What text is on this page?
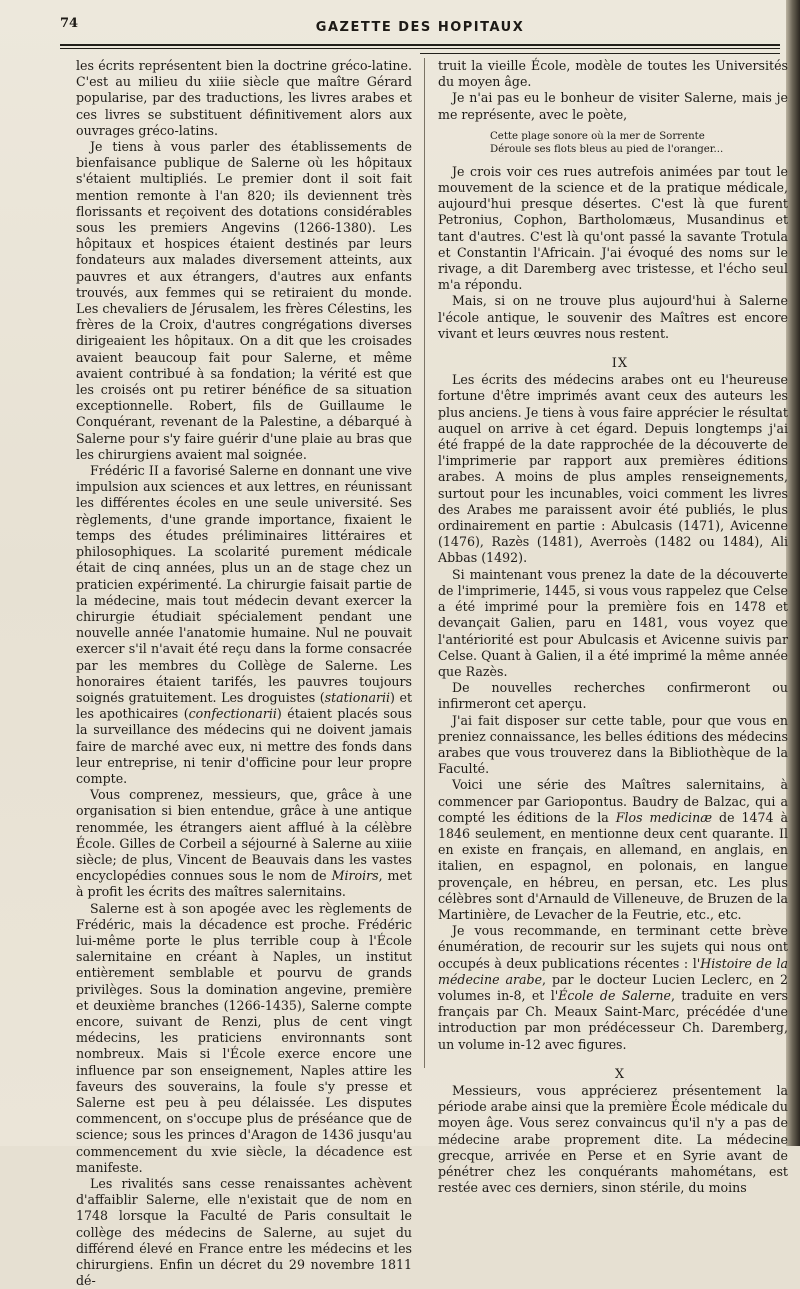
74	GAZETTE DES HOPITAUX

les écrits représentent bien la doctrine gréco-latine. C'est au milieu du xiiie siècle que maître Gérard popularise, par des traductions, les livres arabes et ces livres se substituent définitivement alors aux ouvrages gréco-latins.

Je tiens à vous parler des établissements de bienfaisance publique de Salerne où les hôpitaux s'étaient multipliés. Le premier dont il soit fait mention remonte à l'an 820; ils deviennent très florissants et reçoivent des dotations considérables sous les premiers Angevins (1266-1380). Les hôpitaux et hospices étaient destinés par leurs fondateurs aux malades diversement atteints, aux pauvres et aux étrangers, d'autres aux enfants trouvés, aux femmes qui se retiraient du monde. Les chevaliers de Jérusalem, les frères Célestins, les frères de la Croix, d'autres congrégations diverses dirigeaient les hôpitaux. On a dit que les croisades avaient beaucoup fait pour Salerne, et même avaient contribué à sa fondation; la vérité est que les croisés ont pu retirer bénéfice de sa situation exceptionnelle. Robert, fils de Guillaume le Conquérant, revenant de la Palestine, a débarqué à Salerne pour s'y faire guérir d'une plaie au bras que les chirurgiens avaient mal soignée.

Frédéric II a favorisé Salerne en donnant une vive impulsion aux sciences et aux lettres, en réunissant les différentes écoles en une seule université. Ses règlements, d'une grande importance, fixaient le temps des études préliminaires littéraires et philosophiques. La scolarité purement médicale était de cinq années, plus un an de stage chez un praticien expérimenté. La chirurgie faisait partie de la médecine, mais tout médecin devant exercer la chirurgie étudiait spécialement pendant une nouvelle année l'anatomie humaine. Nul ne pouvait exercer s'il n'avait été reçu dans la forme consacrée par les membres du Collège de Salerne. Les honoraires étaient tarifés, les pauvres toujours soignés gratuitement. Les droguistes (stationarii) et les apothicaires (confectionarii) étaient placés sous la surveillance des médecins qui ne doivent jamais faire de marché avec eux, ni mettre des fonds dans leur entreprise, ni tenir d'officine pour leur propre compte.

Vous comprenez, messieurs, que, grâce à une organisation si bien entendue, grâce à une antique renommée, les étrangers aient afflué à la célèbre École. Gilles de Corbeil a séjourné à Salerne au xiiie siècle; de plus, Vincent de Beauvais dans les vastes encyclopédies connues sous le nom de Miroirs, met à profit les écrits des maîtres salernitains.

Salerne est à son apogée avec les règlements de Frédéric, mais la décadence est proche. Frédéric lui-même porte le plus terrible coup à l'École salernitaine en créant à Naples, un institut entièrement semblable et pourvu de grands privilèges. Sous la domination angevine, première et deuxième branches (1266-1435), Salerne compte encore, suivant de Renzi, plus de cent vingt médecins, les praticiens environnants sont nombreux. Mais si l'École exerce encore une influence par son enseignement, Naples attire les faveurs des souverains, la foule s'y presse et Salerne est peu à peu délaissée. Les disputes commencent, on s'occupe plus de préséance que de science; sous les princes d'Aragon de 1436 jusqu'au commencement du xvie siècle, la décadence est manifeste.

Les rivalités sans cesse renaissantes achèvent d'affaiblir Salerne, elle n'existait que de nom en 1748 lorsque la Faculté de Paris consultait le collège des médecins de Salerne, au sujet du différend élevé en France entre les médecins et les chirurgiens. Enfin un décret du 29 novembre 1811 dé-

truit la vieille École, modèle de toutes les Universités du moyen âge.

Je n'ai pas eu le bonheur de visiter Salerne, mais je me représente, avec le poète,

Cette plage sonore où la mer de Sorrente
Déroule ses flots bleus au pied de l'oranger...

Je crois voir ces rues autrefois animées par tout le mouvement de la science et de la pratique médicale, aujourd'hui presque désertes. C'est là que furent Petronius, Cophon, Bartholomæus, Musandinus et tant d'autres. C'est là qu'ont passé la savante Trotula et Constantin l'Africain. J'ai évoqué des noms sur le rivage, a dit Daremberg avec tristesse, et l'écho seul m'a répondu.

Mais, si on ne trouve plus aujourd'hui à Salerne l'école antique, le souvenir des Maîtres est encore vivant et leurs œuvres nous restent.

IX

Les écrits des médecins arabes ont eu l'heureuse fortune d'être imprimés avant ceux des auteurs les plus anciens. Je tiens à vous faire apprécier le résultat auquel on arrive à cet égard. Depuis longtemps j'ai été frappé de la date rapprochée de la découverte de l'imprimerie par rapport aux premières éditions arabes. A moins de plus amples renseignements, surtout pour les incunables, voici comment les livres des Arabes me paraissent avoir été publiés, le plus ordinairement en partie : Abulcasis (1471), Avicenne (1476), Razès (1481), Averroès (1482 ou 1484), Ali Abbas (1492).

Si maintenant vous prenez la date de la découverte de l'imprimerie, 1445, si vous vous rappelez que Celse a été imprimé pour la première fois en 1478 et devançait Galien, paru en 1481, vous voyez que l'antériorité est pour Abulcasis et Avicenne suivis par Celse. Quant à Galien, il a été imprimé la même année que Razès.

De nouvelles recherches confirmeront ou infirmeront cet aperçu.

J'ai fait disposer sur cette table, pour que vous en preniez connaissance, les belles éditions des médecins arabes que vous trouverez dans la Bibliothèque de la Faculté.

Voici une série des Maîtres salernitains, à commencer par Gariopontus. Baudry de Balzac, qui a compté les éditions de la Flos medicinæ de 1474 à 1846 seulement, en mentionne deux cent quarante. Il en existe en français, en allemand, en anglais, en italien, en espagnol, en polonais, en langue provençale, en hébreu, en persan, etc. Les plus célèbres sont d'Arnauld de Villeneuve, de Bruzen de la Martinière, de Levacher de la Feutrie, etc., etc.

Je vous recommande, en terminant cette brève énumération, de recourir sur les sujets qui nous ont occupés à deux publications récentes : l'Histoire de la médecine arabe, par le docteur Lucien Leclerc, en 2 volumes in-8, et l'École de Salerne, traduite en vers français par Ch. Meaux Saint-Marc, précédée d'une introduction par mon prédécesseur Ch. Daremberg, un volume in-12 avec figures.

X

Messieurs, vous apprécierez présentement la période arabe ainsi que la première École médicale du moyen âge. Vous serez convaincus qu'il n'y a pas de médecine arabe proprement dite. La médecine grecque, arrivée en Perse et en Syrie avant de pénétrer chez les conquérants mahométans, est restée avec ces derniers, sinon stérile, du moins
